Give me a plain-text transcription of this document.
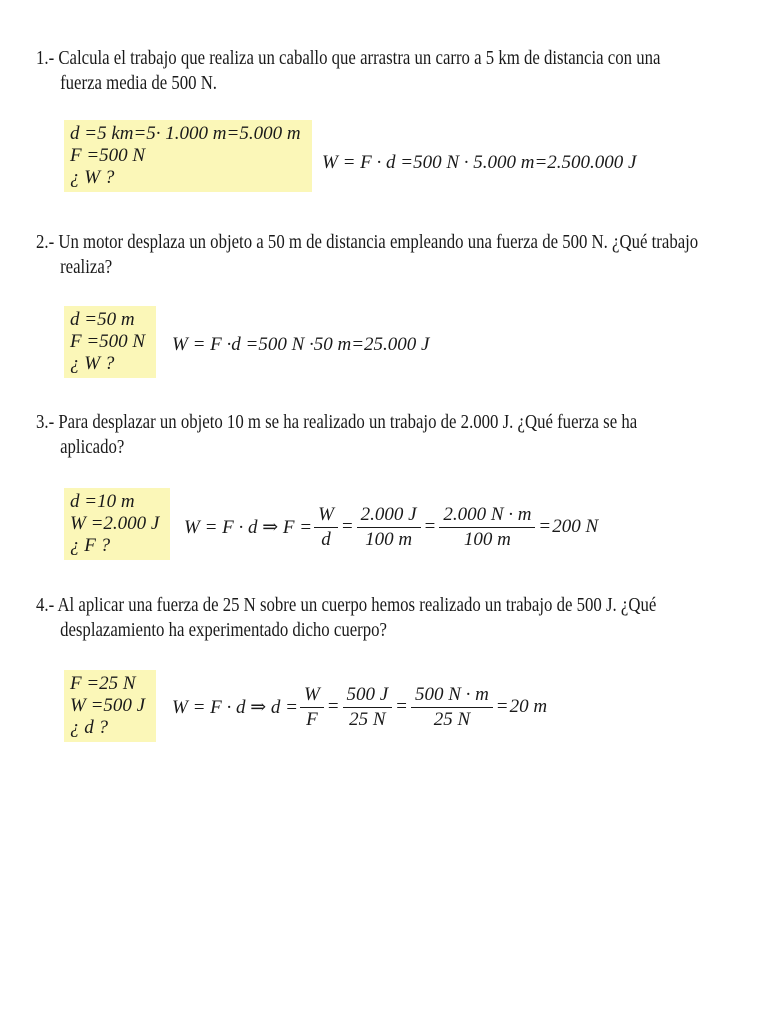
1.- Calcula el trabajo que realiza un caballo que arrastra un carro a 5 km de distancia con una
fuerza media de 500 N.

d =5 km=5· 1.000 m=5.000 m
F =500 N
¿ W ?
W = F · d =500 N · 5.000 m=2.500.000 J

2.- Un motor desplaza un objeto a 50 m de distancia empleando una fuerza de 500 N. ¿Qué trabajo
realiza?

d =50 m
F =500 N
¿ W ?
W = F ·d =500 N ·50 m=25.000 J

3.- Para desplazar un objeto 10 m se ha realizado un trabajo de 2.000 J. ¿Qué fuerza se ha
aplicado?

d =10 m
W =2.000 J
¿ F ?
W = F · d ⇒ $F = \frac{W}{d} = \frac{2.000 J}{100 m} = \frac{2.000 N \cdot m}{100 m} = 200$ N

4.- Al aplicar una fuerza de 25 N sobre un cuerpo hemos realizado un trabajo de 500 J. ¿Qué
desplazamiento ha experimentado dicho cuerpo?

F =25 N
W =500 J
¿ d ?
W = F · d ⇒ $d = \frac{W}{F} = \frac{500 J}{25 N} = \frac{500 N \cdot m}{25 N} = 20$ m
